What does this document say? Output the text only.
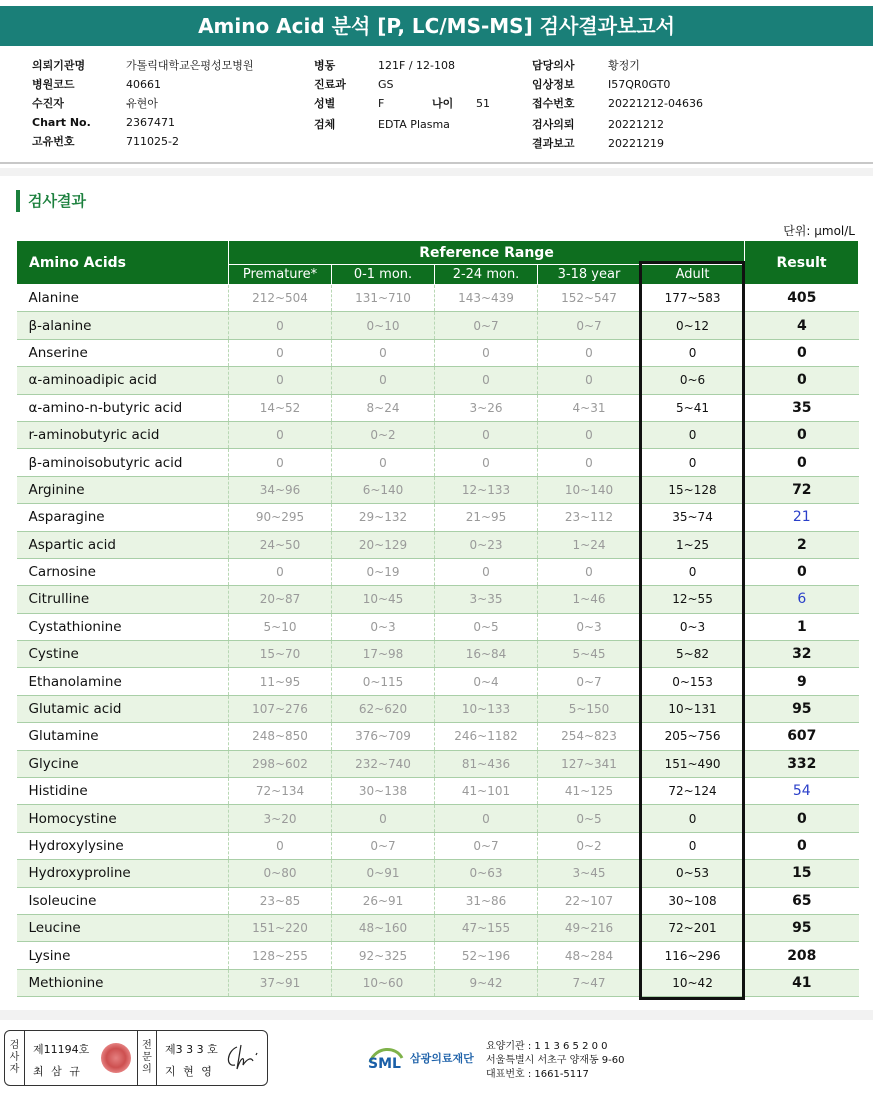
Amino Acid 분석 [P, LC/MS-MS] 검사결과보고서
의뢰기관명	가톨릭대학교은평성모병원
병원코드	40661
수진자	유현아
Chart No.	2367471
고유번호	711025-2
병동	121F / 12-108
진료과	GS
성별	F	나이 51
검체	EDTA Plasma
담당의사	황정기
임상정보	I57QR0GT0
접수번호	20221212-04636
검사의뢰	20221212
결과보고	20221219
검사결과
단위: μmol/L
Amino Acids	Reference Range					Result
	Premature*	0-1 mon.	2-24 mon.	3-18 year	Adult	
Alanine	212~504	131~710	143~439	152~547	177~583	405
β-alanine	0	0~10	0~7	0~7	0~12	4
Anserine	0	0	0	0	0	0
α-aminoadipic acid	0	0	0	0	0~6	0
α-amino-n-butyric acid	14~52	8~24	3~26	4~31	5~41	35
r-aminobutyric acid	0	0~2	0	0	0	0
β-aminoisobutyric acid	0	0	0	0	0	0
Arginine	34~96	6~140	12~133	10~140	15~128	72
Asparagine	90~295	29~132	21~95	23~112	35~74	21
Aspartic acid	24~50	20~129	0~23	1~24	1~25	2
Carnosine	0	0~19	0	0	0	0
Citrulline	20~87	10~45	3~35	1~46	12~55	6
Cystathionine	5~10	0~3	0~5	0~3	0~3	1
Cystine	15~70	17~98	16~84	5~45	5~82	32
Ethanolamine	11~95	0~115	0~4	0~7	0~153	9
Glutamic acid	107~276	62~620	10~133	5~150	10~131	95
Glutamine	248~850	376~709	246~1182	254~823	205~756	607
Glycine	298~602	232~740	81~436	127~341	151~490	332
Histidine	72~134	30~138	41~101	41~125	72~124	54
Homocystine	3~20	0	0	0~5	0	0
Hydroxylysine	0	0~7	0~7	0~2	0	0
Hydroxyproline	0~80	0~91	0~63	3~45	0~53	15
Isoleucine	23~85	26~91	31~86	22~107	30~108	65
Leucine	151~220	48~160	47~155	49~216	72~201	95
Lysine	128~255	92~325	52~196	48~284	116~296	208
Methionine	37~91	10~60	9~42	7~47	10~42	41
검
사
자
제11194호
최 삼 규
전
문
의
제3 3 3 호
지 현 영	SML 삼광의료재단
요양기관 : 1 1 3 6 5 2 0 0
서울특별시 서초구 양재동 9-60
대표번호 : 1661-5117
